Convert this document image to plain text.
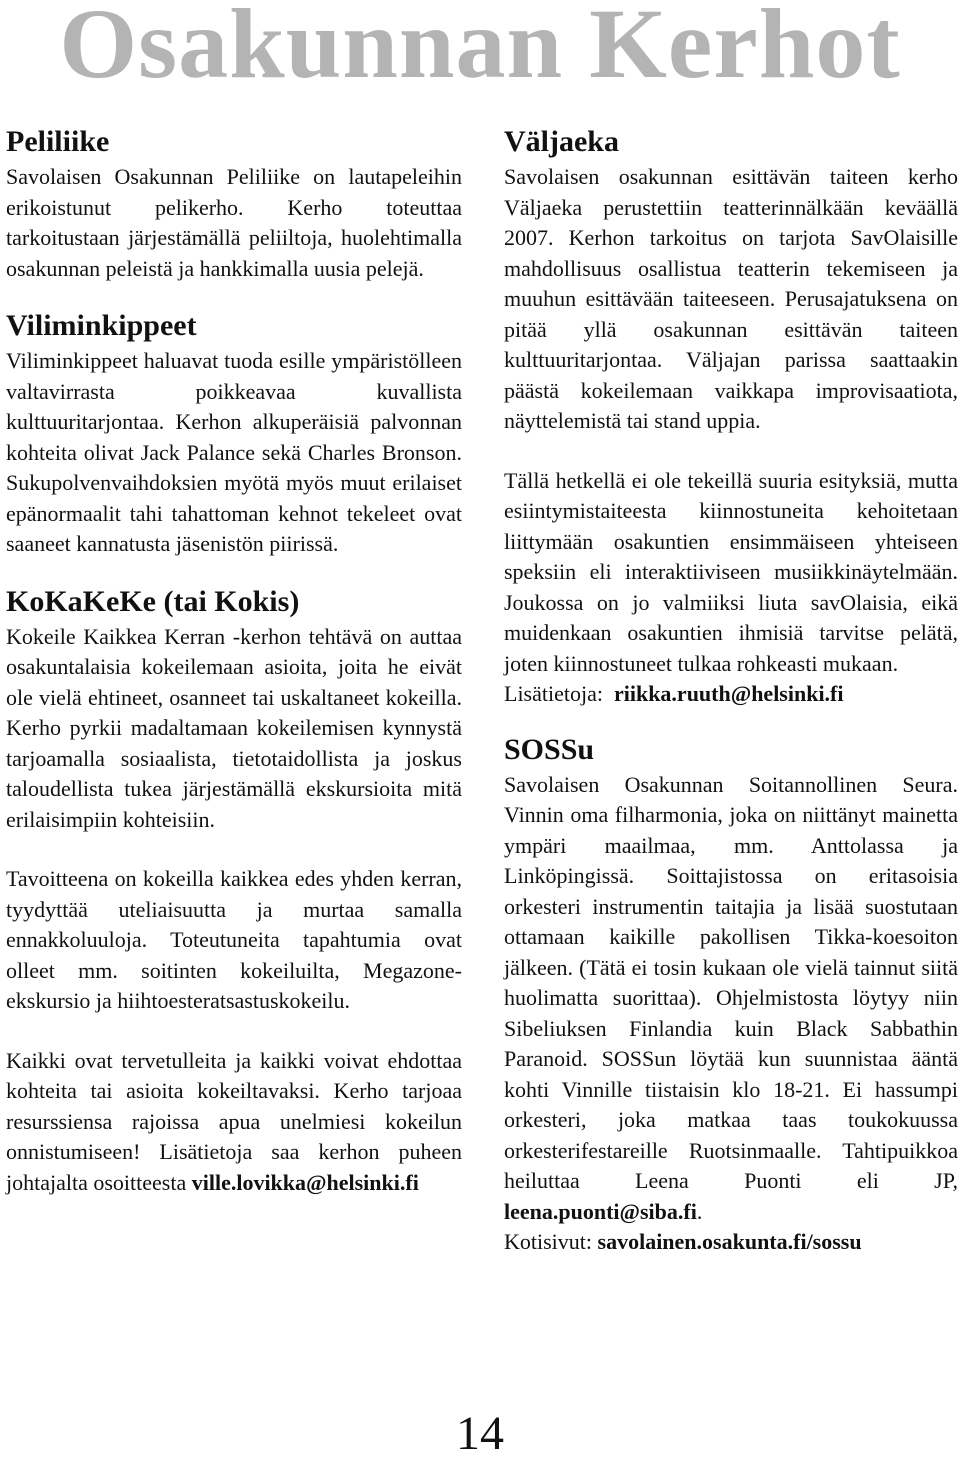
Osakunnan Kerhot
Peliliike

Savolaisen Osakunnan Peliliike on lautapeleihin erikoistunut pelikerho. Kerho toteuttaa tarkoitustaan järjestämällä peliiltoja, huolehtimalla osakunnan peleistä ja hankkimalla uusia pelejä.

Viliminkippeet

Viliminkippeet haluavat tuoda esille ympäristölleen valtavirrasta poikkeavaa kuvallista kulttuuritarjontaa. Kerhon alkuperäisiä palvonnan kohteita olivat Jack Palance sekä Charles Bronson. Sukupolvenvaihdoksien myötä myös muut erilaiset epänormaalit tahi tahattoman kehnot tekeleet ovat saaneet kannatusta jäsenistön piirissä.

KoKaKeKe (tai Kokis)

Kokeile Kaikkea Kerran -kerhon tehtävä on auttaa osakuntalaisia kokeilemaan asioita, joita he eivät ole vielä ehtineet, osanneet tai uskaltaneet kokeilla. Kerho pyrkii madaltamaan kokeilemisen kynnystä tarjoamalla sosiaalista, tietotaidollista ja joskus taloudellista tukea järjestämällä ekskursioita mitä erilaisimpiin kohteisiin.

Tavoitteena on kokeilla kaikkea edes yhden kerran, tyydyttää uteliaisuutta ja murtaa samalla ennakkoluuloja. Toteutuneita tapahtumia ovat olleet mm. soitinten kokeiluilta, Megazone-ekskursio ja hiihtoesteratsastuskokeilu.

Kaikki ovat tervetulleita ja kaikki voivat ehdottaa kohteita tai asioita kokeiltavaksi. Kerho tarjoaa resurssiensa rajoissa apua unelmiesi kokeilun onnistumiseen! Lisätietoja saa kerhon puheen johtajalta osoitteesta ville.lovikka@helsinki.fi

Väljaeka

Savolaisen osakunnan esittävän taiteen kerho Väljaeka perustettiin teatterinnälkään keväällä 2007. Kerhon tarkoitus on tarjota SavOlaisille mahdollisuus osallistua teatterin tekemiseen ja muuhun esittävään taiteeseen. Perusajatuksena on pitää yllä osakunnan esittävän taiteen kulttuuritarjontaa. Väljajan parissa saattaakin päästä kokeilemaan vaikkapa improvisaatiota, näyttelemistä tai stand uppia.

Tällä hetkellä ei ole tekeillä suuria esityksiä, mutta esiintymistaiteesta kiinnostuneita kehoitetaan liittymään osakuntien ensimmäiseen yhteiseen speksiin eli interaktiiviseen musiikkinäytelmään. Joukossa on jo valmiiksi liuta savOlaisia, eikä muidenkaan osakuntien ihmisiä tarvitse pelätä, joten kiinnostuneet tulkaa rohkeasti mukaan.

Lisätietoja: riikka.ruuth@helsinki.fi

SOSSu

Savolaisen Osakunnan Soitannollinen Seura. Vinnin oma filharmonia, joka on niittänyt mainetta ympäri maailmaa, mm. Anttolassa ja Linköpingissä. Soittajistossa on eritasoisia orkesteri instrumentin taitajia ja lisää suostutaan ottamaan kaikille pakollisen Tikka-koesoiton jälkeen. (Tätä ei tosin kukaan ole vielä tainnut siitä huolimatta suorittaa). Ohjelmistosta löytyy niin Sibeliuksen Finlandia kuin Black Sabbathin Paranoid. SOSSun löytää kun suunnistaa ääntä kohti Vinnille tiistaisin klo 18-21. Ei hassumpi orkesteri, joka matkaa taas toukokuussa orkesterifestareille Ruotsinmaalle. Tahtipuikkoa heiluttaa Leena Puonti eli JP, leena.puonti@siba.fi.

Kotisivut: savolainen.osakunta.fi/sossu

14
